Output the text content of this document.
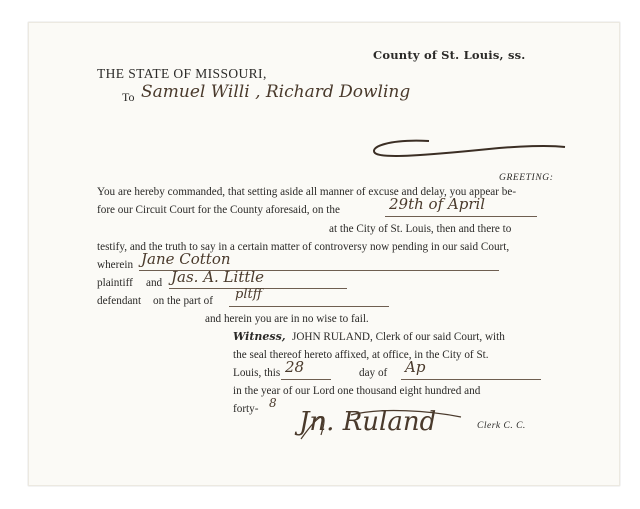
County of St. Louis, ss.
THE STATE OF MISSOURI,
To Samuel Willi , Richard Dowling
GREETING:
You are hereby commanded, that setting aside all manner of excuse and delay, you appear be-
fore our Circuit Court for the County aforesaid, on the	29th of April
at the City of St. Louis, then and there to
testify, and the truth to say in a certain matter of controversy now pending in our said Court,
wherein Jane Cotton
plaintiff and Jas. A. Little
defendant on the part of pltff
and herein you are in no wise to fail.
Witness, JOHN RULAND, Clerk of our said Court, with
the seal thereof hereto affixed, at office, in the City of St.
Louis, this 28	day of Ap
in the year of our Lord one thousand eight hundred and
forty- 8
Jn. Ruland	Clerk C. C.
